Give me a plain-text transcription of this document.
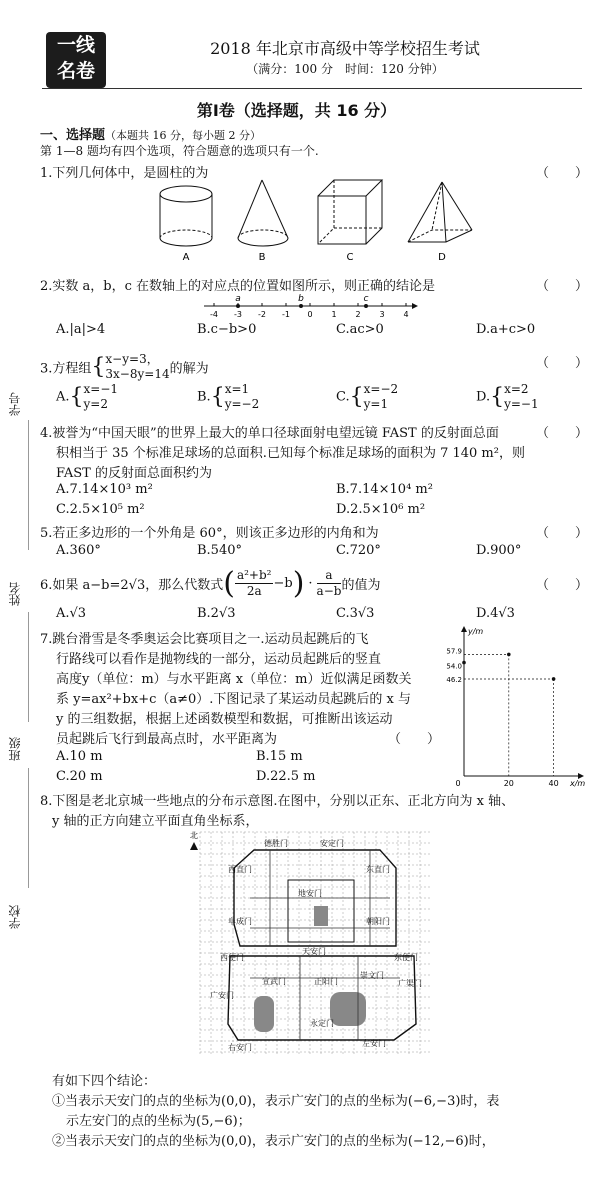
一线
名卷
2018 年北京市高级中等学校招生考试
（满分：100 分　时间：120 分钟）
第Ⅰ卷（选择题，共 16 分）
学号
姓名
班级
学校
一、选择题（本题共 16 分，每小题 2 分）
第 1—8 题均有四个选项，符合题意的选项只有一个.
1.下列几何体中，是圆柱的为	（　　）
A	B	C	D
2.实数 a，b，c 在数轴上的对应点的位置如图所示，则正确的结论是	（　　）
-4 -3 -2 -1 0 1 2 3 4
a	b	c
A.|a|>4	B.c−b>0	C.ac>0	D.a+c>0
3.方程组{ x−y=3，
3x−8y=14 的解为	（　　）
A.{ x=−1
y=2	B.{ x=1
y=−2	C.{ x=−2
y=1	D.{ x=2
y=−1
4.被誉为“中国天眼”的世界上最大的单口径球面射电望远镜 FAST 的反射面总面
积相当于 35 个标准足球场的总面积.已知每个标准足球场的面积为 7 140 m²，则
FAST 的反射面总面积约为
（　　）
A.7.14×10³ m²	B.7.14×10⁴ m²
C.2.5×10⁵ m²	D.2.5×10⁶ m²
5.若正多边形的一个外角是 60°，则该正多边形的内角和为	（　　）
A.360°	B.540°	C.720°	D.900°
6.如果 a−b=2√3，那么代数式( $\frac{\text{a²+b²}}{2a} -b) \cdot \frac{a}{a-b}$ 的值为	（　　）
A.√3	B.2√3	C.3√3	D.4√3
7.跳台滑雪是冬季奥运会比赛项目之一.运动员起跳后的飞
行路线可以看作是抛物线的一部分，运动员起跳后的竖直
高度y（单位：m）与水平距离 x（单位：m）近似满足函数关
系 y=ax²+bx+c（a≠0）.下图记录了某运动员起跳后的 x 与
y 的三组数据，根据上述函数模型和数据，可推断出该运动
员起跳后飞行到最高点时，水平距离为	（　　）
A.10 m	B.15 m
C.20 m	D.22.5 m
y/m
x/m
57.9
54.0
46.2
0	20	40
8.下图是老北京城一些地点的分布示意图.在图中，分别以正东、正北方向为 x 轴、
y 轴的正方向建立平面直角坐标系，
北
德胜门	安定门
西直门	东直门
阜成门	朝阳门
地安门
西便门
天安门
东便门
宣武门	正阳门
崇文门
广渠门
广安门
永定门
右安门	左安门
有如下四个结论：
①当表示天安门的点的坐标为(0,0)，表示广安门的点的坐标为(−6,−3)时，表
示左安门的点的坐标为(5,−6)；
②当表示天安门的点的坐标为(0,0)，表示广安门的点的坐标为(−12,−6)时，
